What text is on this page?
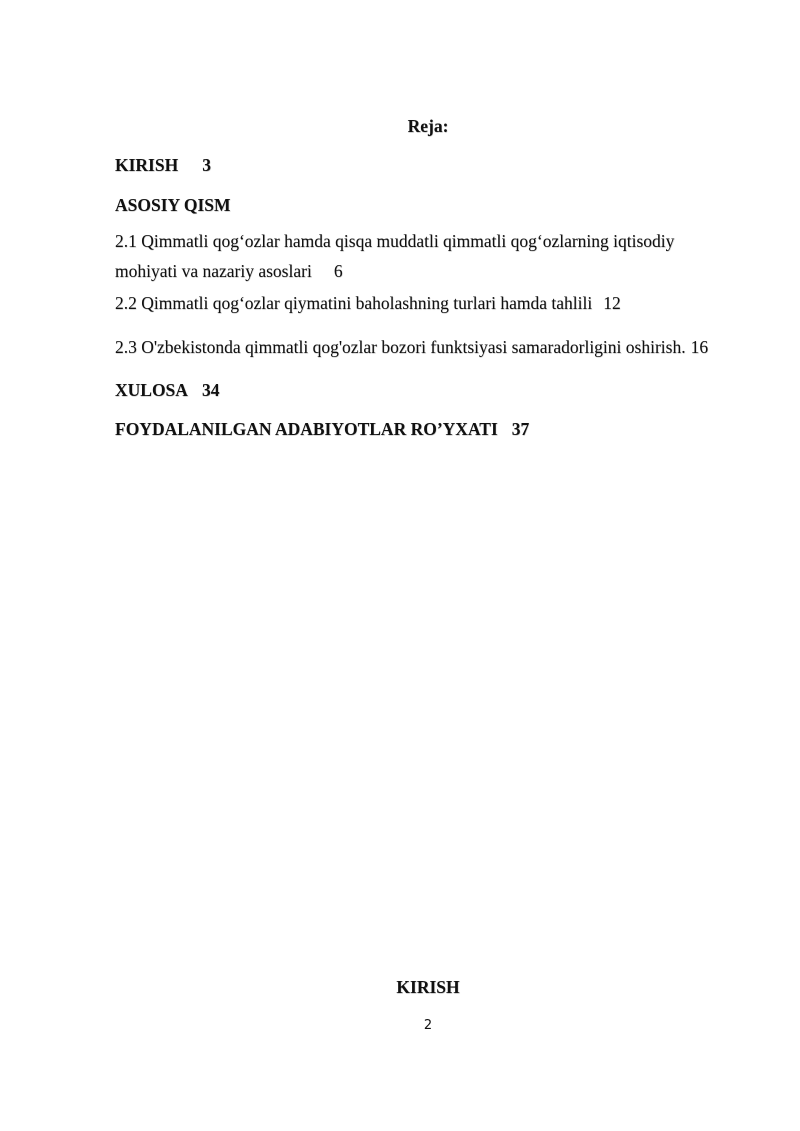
Reja:
KIRISH 3
ASOSIY QISM
2.1 Qimmatli qog‘ozlar hamda qisqa muddatli qimmatli qog‘ozlarning iqtisodiy
mohiyati va nazariy asoslari 6
2.2 Qimmatli qog‘ozlar qiymatini baholashning turlari hamda tahlili 12
2.3 O'zbekistonda qimmatli qog'ozlar bozori funktsiyasi samaradorligini oshirish. 16
XULOSA 34
FOYDALANILGAN ADABIYOTLAR RO’YXATI 37
KIRISH
2
